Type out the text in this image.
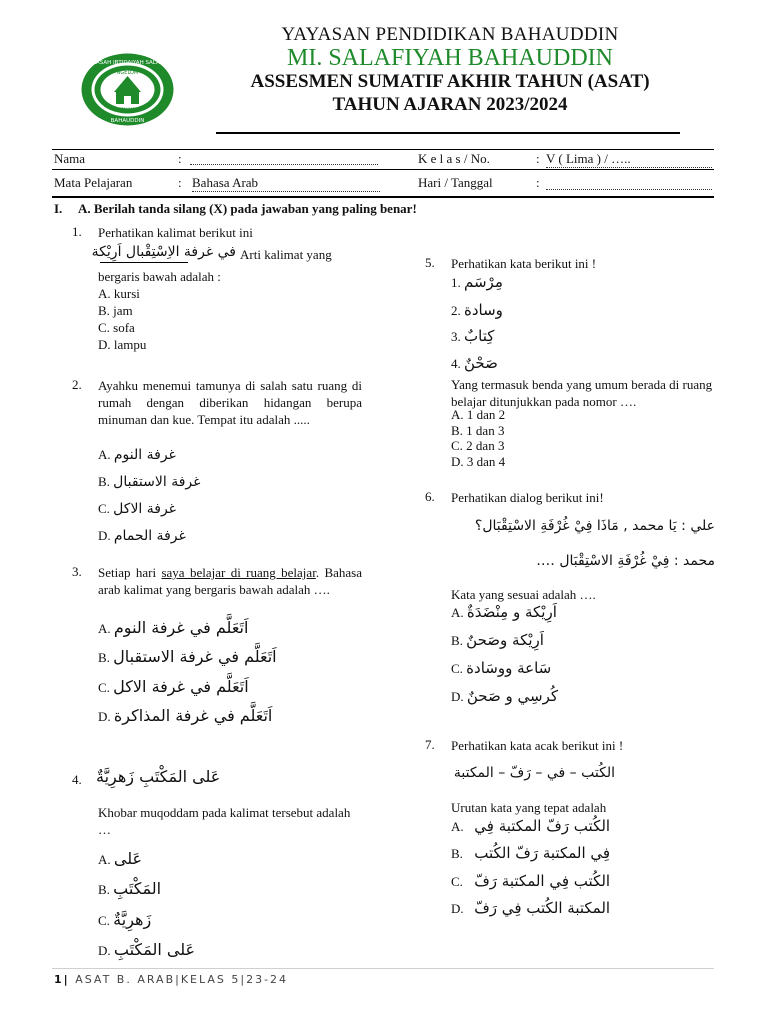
MADRASAH IBTIDAIYAH SALAFIYAH
NGELOM
BAHAUDDIN
SEPANJANG
YAYASAN PENDIDIKAN BAHAUDDIN
MI. SALAFIYAH BAHAUDDIN
ASSESMEN SUMATIF AKHIR TAHUN (ASAT)
TAHUN AJARAN 2023/2024
Nama	:	K e l a s / No.	: V ( Lima ) / …..
Mata Pelajaran	: Bahasa Arab	Hari / Tanggal	:
I. A. Berilah tanda silang (X) pada jawaban yang paling benar!
1. Perhatikan kalimat berikut ini
في غرفة الاِسْتِقْبال اَرِيْكة Arti kalimat yang
bergaris bawah adalah :
A. kursi
B. jam
C. sofa
D. lampu
2. Ayahku menemui tamunya di salah satu ruang di rumah dengan diberikan hidangan berupa minuman dan kue. Tempat itu adalah .....
A. غرفة النوم
B. غرفة الاستقبال
C. غرفة الاكل
D. غرفة الحمام
3. Setiap hari saya belajar di ruang belajar. Bahasa arab kalimat yang bergaris bawah adalah ….
A. اَتَعَلَّم في غرفة النوم
B. اَتَعَلَّم في غرفة الاستقبال
C. اَتَعَلَّم في غرفة الاكل
D. اَتَعَلَّم في غرفة المذاكرة
4. عَلى المَكْتَبِ زَهرِيَّةٌ
Khobar muqoddam pada kalimat tersebut adalah …
A. عَلى
B. المَكْتَبِ
C. زَهرِيَّةٌ
D. عَلى المَكْتَبِ
5. Perhatikan kata berikut ini !
1. مِرْسَم
2. وسادة
3. كِتابٌ
4. صَحْنٌ
Yang termasuk benda yang umum berada di ruang belajar ditunjukkan pada nomor ….
A. 1 dan 2
B. 1 dan 3
C. 2 dan 3
D. 3 dan 4
6. Perhatikan dialog berikut ini!
علي : يَا محمد , مَاذَا فِيْ غُرْفَةِ الاسْتِقْبَال؟
محمد : فِيْ غُرْفَةِ الاسْتِقْبَال ….
Kata yang sesuai adalah ….
A. اَرِيْكة و مِنْضَدَةٌ
B. اَرِيْكة وصَحنٌ
C. سَاعة ووسَادة
D. كُرسِي و صَحنٌ
7. Perhatikan kata acak berikut ini !
الكُتب – في – رَفّ – المكتبة
Urutan kata yang tepat adalah
A. الكُتب رَفّ المكتبة فِي
B. فِي المكتبة رَفّ الكُتب
C. الكُتب فِي المكتبة رَفّ
D. المكتبة الكُتب فِي رَفّ
1| ASAT B. ARAB|KELAS 5|23-24
